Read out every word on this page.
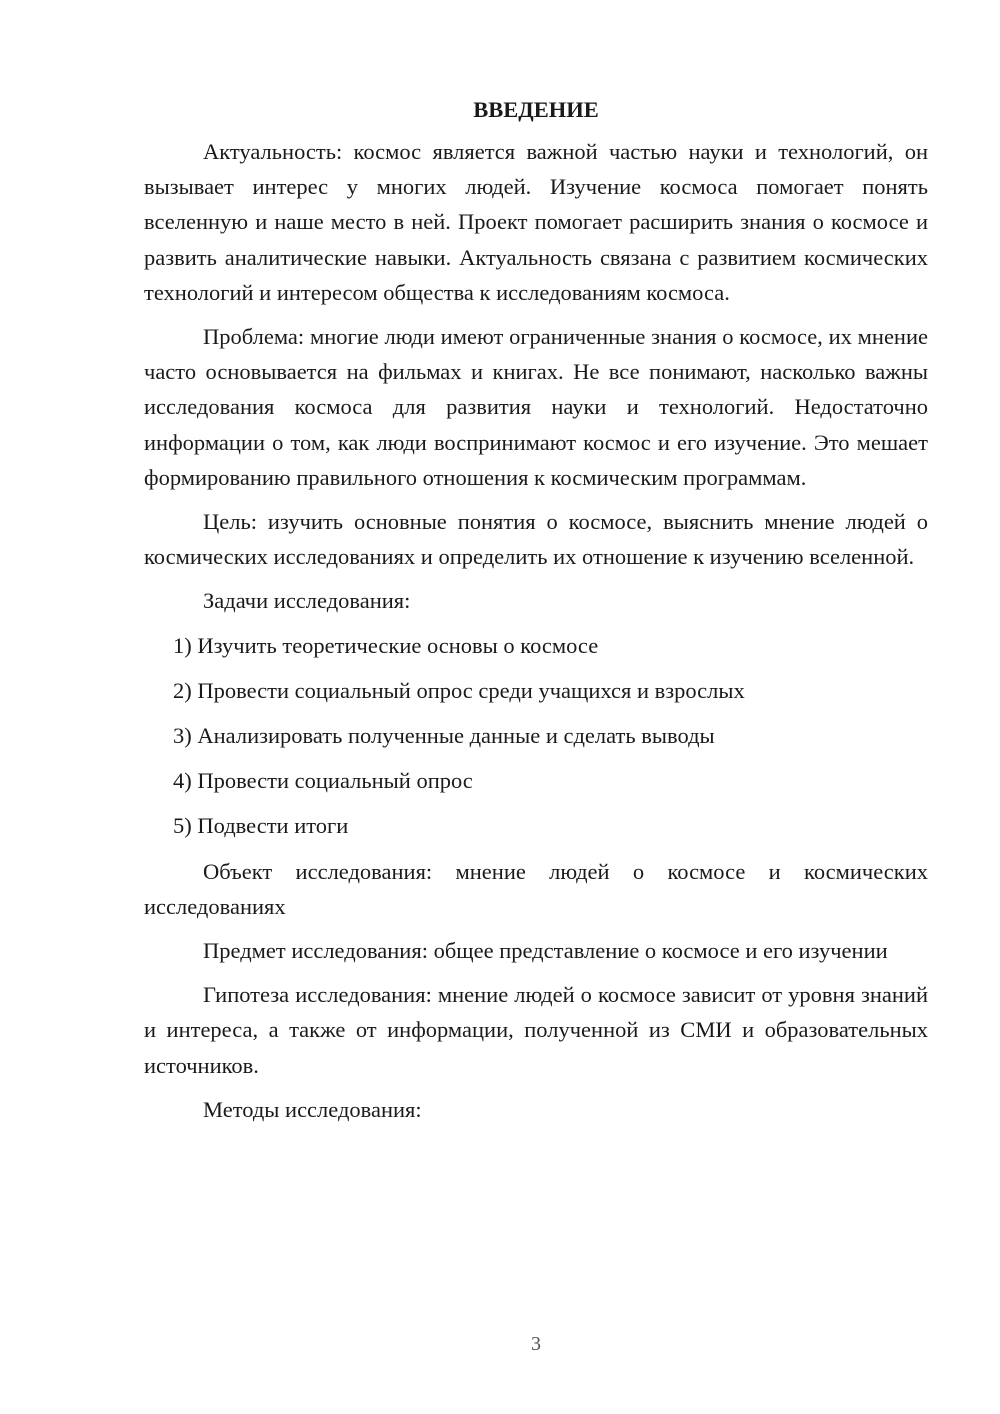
ВВЕДЕНИЕ

Актуальность: космос является важной частью науки и технологий, он вызывает интерес у многих людей. Изучение космоса помогает понять вселенную и наше место в ней. Проект помогает расширить знания о космосе и развить аналитические навыки. Актуальность связана с развитием космических технологий и интересом общества к исследованиям космоса.

Проблема: многие люди имеют ограниченные знания о космосе, их мнение часто основывается на фильмах и книгах. Не все понимают, насколько важны исследования космоса для развития науки и технологий. Недостаточно информации о том, как люди воспринимают космос и его изучение. Это мешает формированию правильного отношения к космическим программам.

Цель: изучить основные понятия о космосе, выяснить мнение людей о космических исследованиях и определить их отношение к изучению вселенной.

Задачи исследования:

1) Изучить теоретические основы о космосе
2) Провести социальный опрос среди учащихся и взрослых
3) Анализировать полученные данные и сделать выводы
4) Провести социальный опрос
5) Подвести итоги

Объект исследования: мнение людей о космосе и космических исследованиях

Предмет исследования: общее представление о космосе и его изучении

Гипотеза исследования: мнение людей о космосе зависит от уровня знаний и интереса, а также от информации, полученной из СМИ и образовательных источников.

Методы исследования:

3
